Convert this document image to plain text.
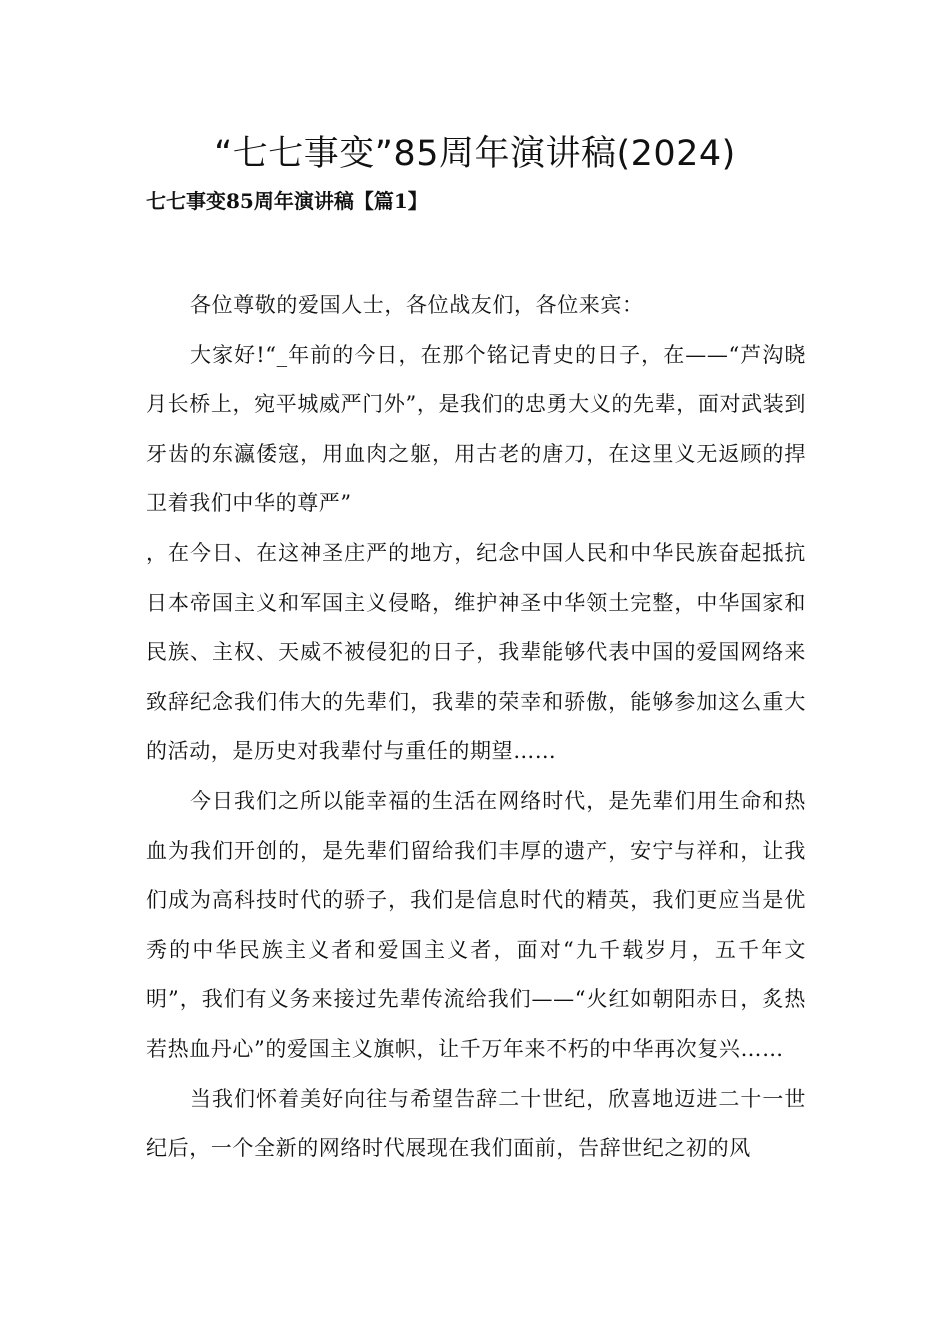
“七七事变”85周年演讲稿(2024)
七七事变85周年演讲稿【篇1】

各位尊敬的爱国人士，各位战友们，各位来宾：

大家好!“_年前的今日，在那个铭记青史的日子，在——“芦沟晓月长桥上，宛平城威严门外”，是我们的忠勇大义的先辈，面对武装到牙齿的东瀛倭寇，用血肉之躯，用古老的唐刀，在这里义无返顾的捍卫着我们中华的尊严”

，在今日、在这神圣庄严的地方，纪念中国人民和中华民族奋起抵抗日本帝国主义和军国主义侵略，维护神圣中华领土完整，中华国家和民族、主权、天威不被侵犯的日子，我辈能够代表中国的爱国网络来致辞纪念我们伟大的先辈们，我辈的荣幸和骄傲，能够参加这么重大的活动，是历史对我辈付与重任的期望……

今日我们之所以能幸福的生活在网络时代，是先辈们用生命和热血为我们开创的，是先辈们留给我们丰厚的遗产，安宁与祥和，让我们成为高科技时代的骄子，我们是信息时代的精英，我们更应当是优秀的中华民族主义者和爱国主义者，面对“九千载岁月，五千年文明”，我们有义务来接过先辈传流给我们——“火红如朝阳赤日，炙热若热血丹心”的爱国主义旗帜，让千万年来不朽的中华再次复兴……

当我们怀着美好向往与希望告辞二十世纪，欣喜地迈进二十一世纪后，一个全新的网络时代展现在我们面前，告辞世纪之初的风
